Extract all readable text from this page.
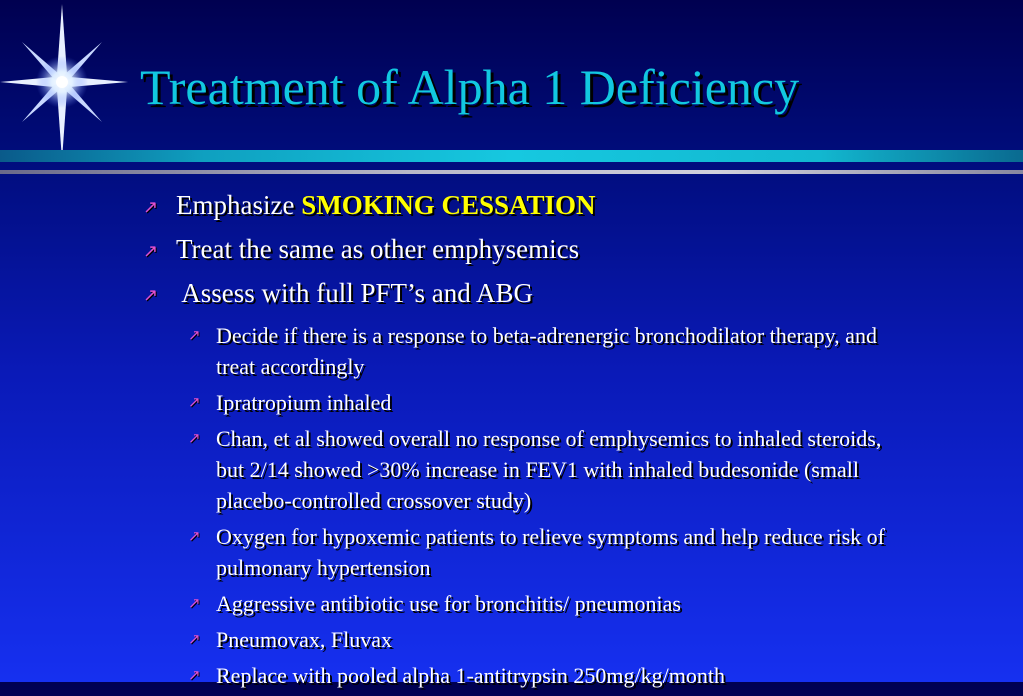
Treatment of Alpha 1 Deficiency
↗ Emphasize SMOKING CESSATION
↗ Treat the same as other emphysemics
↗ Assess with full PFT’s and ABG
↗ Decide if there is a response to beta-adrenergic bronchodilator therapy, and treat accordingly
↗ Ipratropium inhaled
↗ Chan, et al showed overall no response of emphysemics to inhaled steroids, but 2/14 showed >30% increase in FEV1 with inhaled budesonide (small placebo-controlled crossover study)
↗ Oxygen for hypoxemic patients to relieve symptoms and help reduce risk of pulmonary hypertension
↗ Aggressive antibiotic use for bronchitis/ pneumonias
↗ Pneumovax, Fluvax
↗ Replace with pooled alpha 1-antitrypsin 250mg/kg/month
